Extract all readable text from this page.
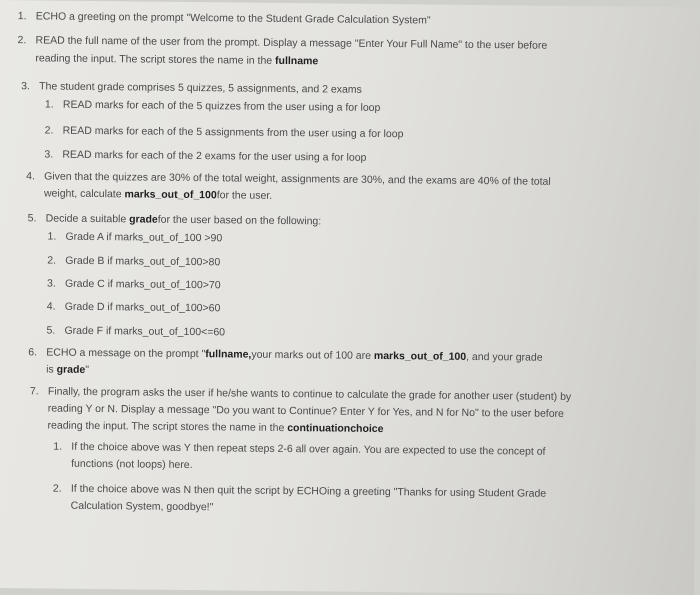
1. ECHO a greeting on the prompt "Welcome to the Student Grade Calculation System"
2. READ the full name of the user from the prompt. Display a message "Enter Your Full Name" to the user before
reading the input. The script stores the name in the fullname
3. The student grade comprises 5 quizzes, 5 assignments, and 2 exams
1. READ marks for each of the 5 quizzes from the user using a for loop
2. READ marks for each of the 5 assignments from the user using a for loop
3. READ marks for each of the 2 exams for the user using a for loop
4. Given that the quizzes are 30% of the total weight, assignments are 30%, and the exams are 40% of the total
weight, calculate marks_out_of_100for the user.
5. Decide a suitable gradefor the user based on the following:
1. Grade A if marks_out_of_100 >90
2. Grade B if marks_out_of_100>80
3. Grade C if marks_out_of_100>70
4. Grade D if marks_out_of_100>60
5. Grade F if marks_out_of_100<=60
6. ECHO a message on the prompt "fullname,your marks out of 100 are marks_out_of_100, and your grade
is grade"
7. Finally, the program asks the user if he/she wants to continue to calculate the grade for another user (student) by
reading Y or N. Display a message "Do you want to Continue? Enter Y for Yes, and N for No" to the user before
reading the input. The script stores the name in the continuationchoice
1. If the choice above was Y then repeat steps 2-6 all over again. You are expected to use the concept of
functions (not loops) here.
2. If the choice above was N then quit the script by ECHOing a greeting "Thanks for using Student Grade
Calculation System, goodbye!"
